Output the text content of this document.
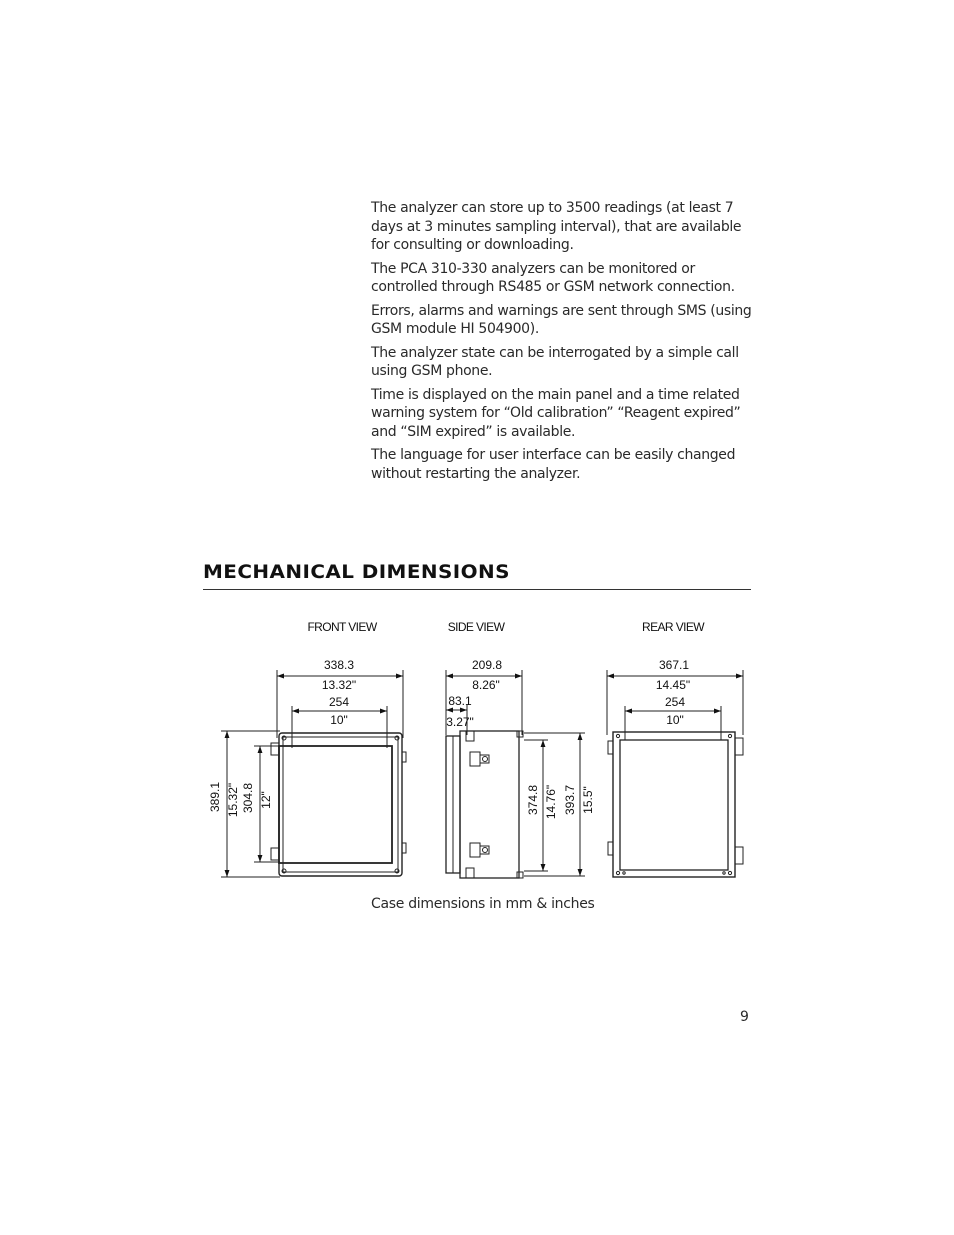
The analyzer can store up to 3500 readings (at least 7 days at 3 minutes sampling interval), that are available for consulting or downloading.

The PCA 310-330 analyzers can be monitored or controlled through RS485 or GSM network connection.

Errors, alarms and warnings are sent through SMS (using GSM module HI 504900).

The analyzer state can be interrogated by a simple call using GSM phone.

Time is displayed on the main panel and a time related warning system for “Old calibration” “Reagent expired” and “SIM expired” is available.

The language for user interface can be easily changed without restarting the analyzer.

MECHANICAL DIMENSIONS
FRONT VIEW	SIDE VIEW	REAR VIEW
338.3
13.32"
254
10"
389.1 15.32" 304.8 12"
209.8
8.26"
83.1
3.27"
374.8 14.76" 393.7 15.5"
367.1
14.45"
254
10"
Case dimensions in mm & inches
9
